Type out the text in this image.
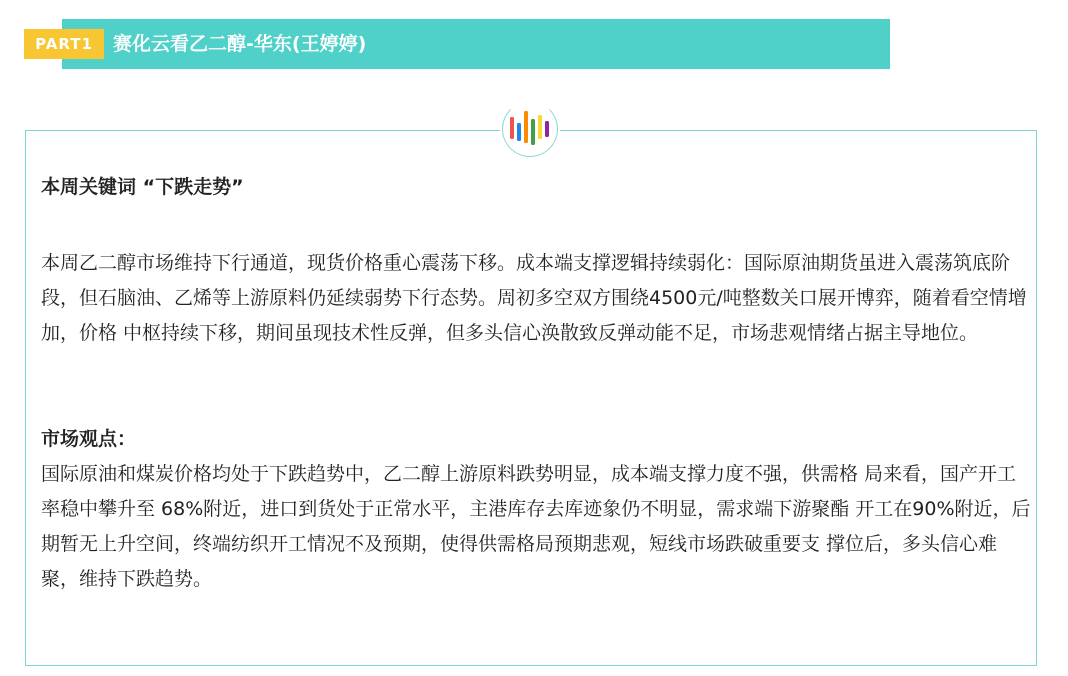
PART1	赛化云看乙二醇-华东(王婷婷)
本周关键词 “下跌走势”

本周乙二醇市场维持下行通道，现货价格重心震荡下移。成本端支撑逻辑持续弱化：国际原油期货虽进入震荡筑底阶 段，但石脑油、乙烯等上游原料仍延续弱势下行态势。周初多空双方围绕4500元/吨整数关口展开博弈，随着看空情增加，价格 中枢持续下移，期间虽现技术性反弹，但多头信心涣散致反弹动能不足，市场悲观情绪占据主导地位。

市场观点：

国际原油和煤炭价格均处于下跌趋势中，乙二醇上游原料跌势明显，成本端支撑力度不强，供需格 局来看，国产开工率稳中攀升至 68%附近，进口到货处于正常水平，主港库存去库迹象仍不明显，需求端下游聚酯 开工在90%附近，后期暂无上升空间，终端纺织开工情况不及预期，使得供需格局预期悲观，短线市场跌破重要支 撑位后，多头信心难聚，维持下跌趋势。
